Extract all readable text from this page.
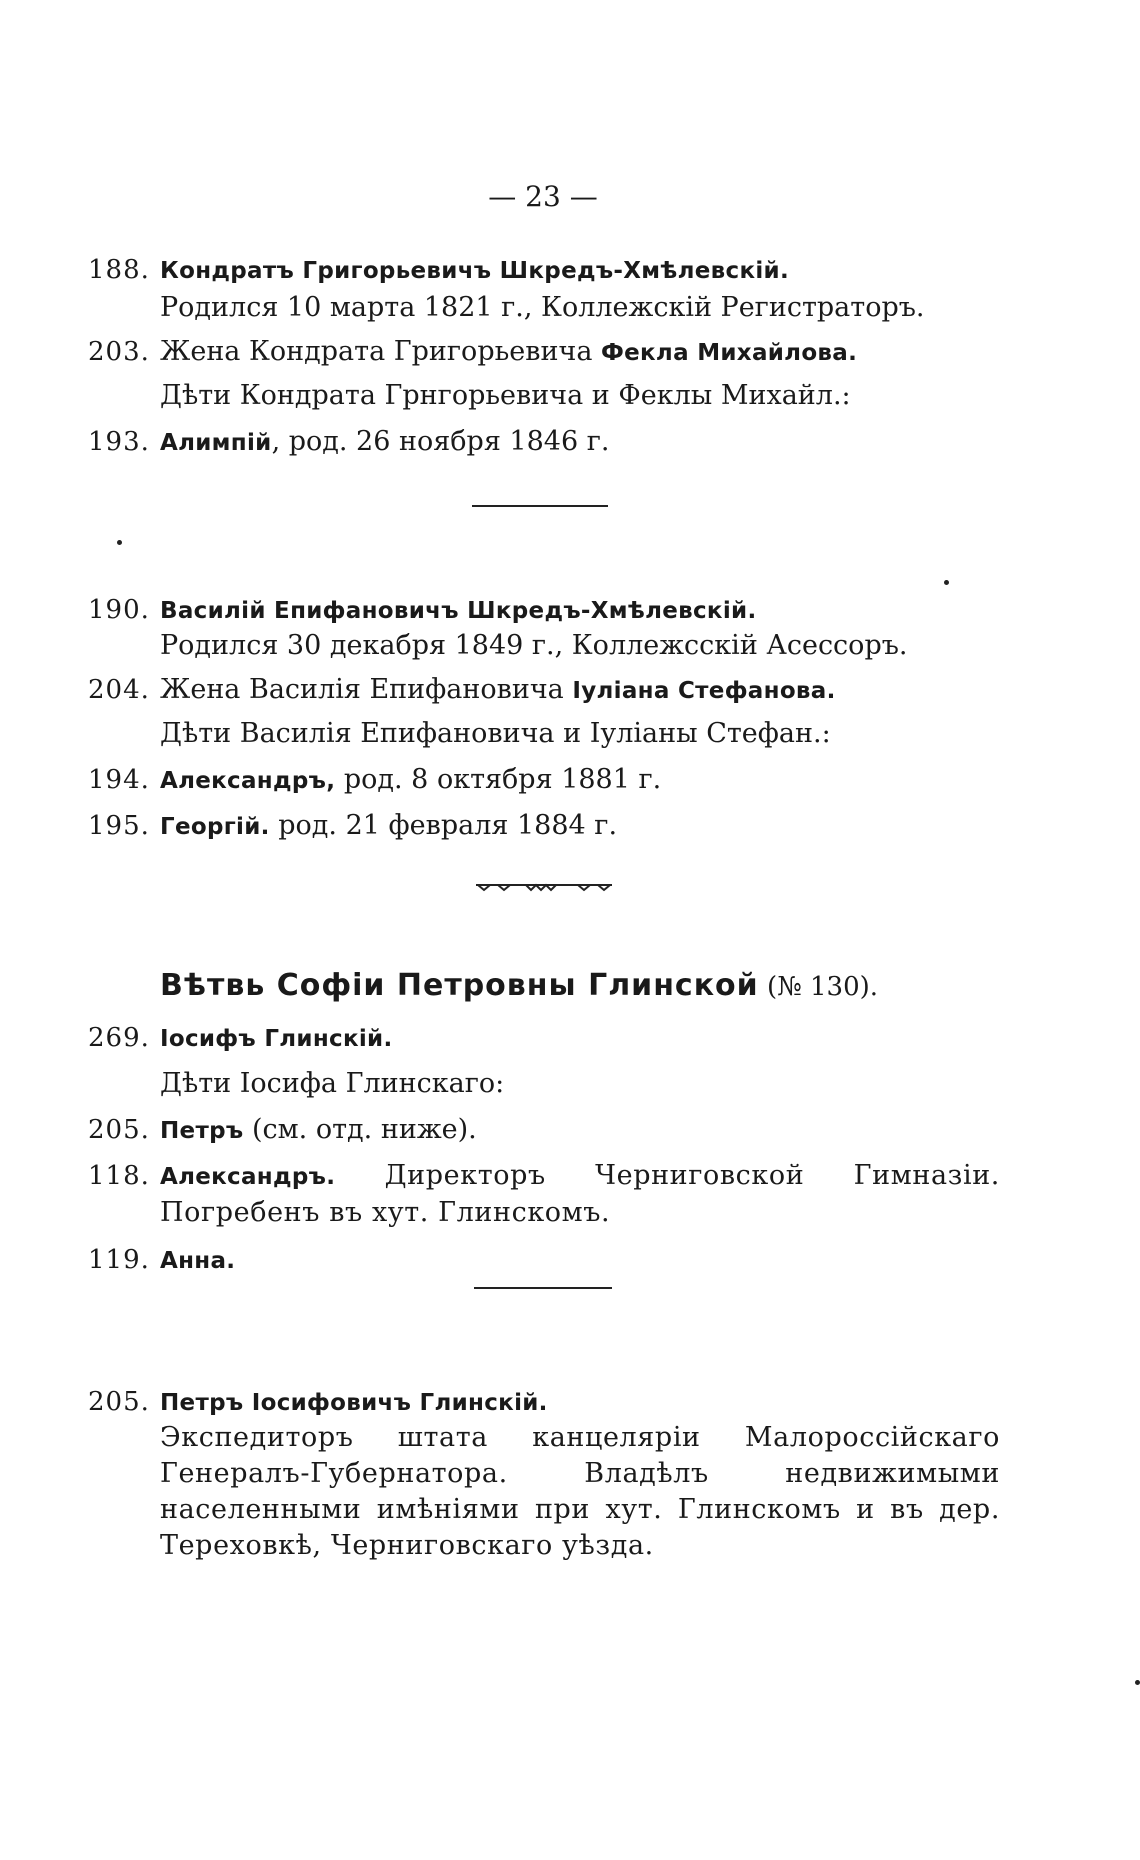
— 23 —
188. Кондратъ Григорьевичъ Шкредъ-Хмѣлевскій.
Родился 10 марта 1821 г., Коллежскій Регистраторъ.
203. Жена Кондрата Григорьевича Фекла Михайлова.
Дѣти Кондрата Грнгорьевича и Феклы Михайл.:
193. Алимпій, род. 26 ноября 1846 г.
190. Василій Епифановичъ Шкредъ-Хмѣлевскій.
Родился 30 декабря 1849 г., Коллежсскій Асессоръ.
204. Жена Василія Епифановича Іуліана Стефанова.
Дѣти Василія Епифановича и Іуліаны Стефан.:
194. Александръ, род. 8 октября 1881 г.
195. Георгій. род. 21 февраля 1884 г.
Вѣтвь Софіи Петровны Глинской (№ 130).
269. Іосифъ Глинскій.
Дѣти Іосифа Глинскаго:
205. Петръ (см. отд. ниже).
118. Александръ. Директоръ Черниговской Гимназіи. Погребенъ въ хут. Глинскомъ.
119. Анна.
205. Петръ Іосифовичъ Глинскій.
Экспедиторъ штата канцеляріи Малороссійскаго Генералъ-Губернатора. Владѣлъ недвижимыми населенными имѣніями при хут. Глинскомъ и въ дер. Тереховкѣ, Черниговскаго уѣзда.
